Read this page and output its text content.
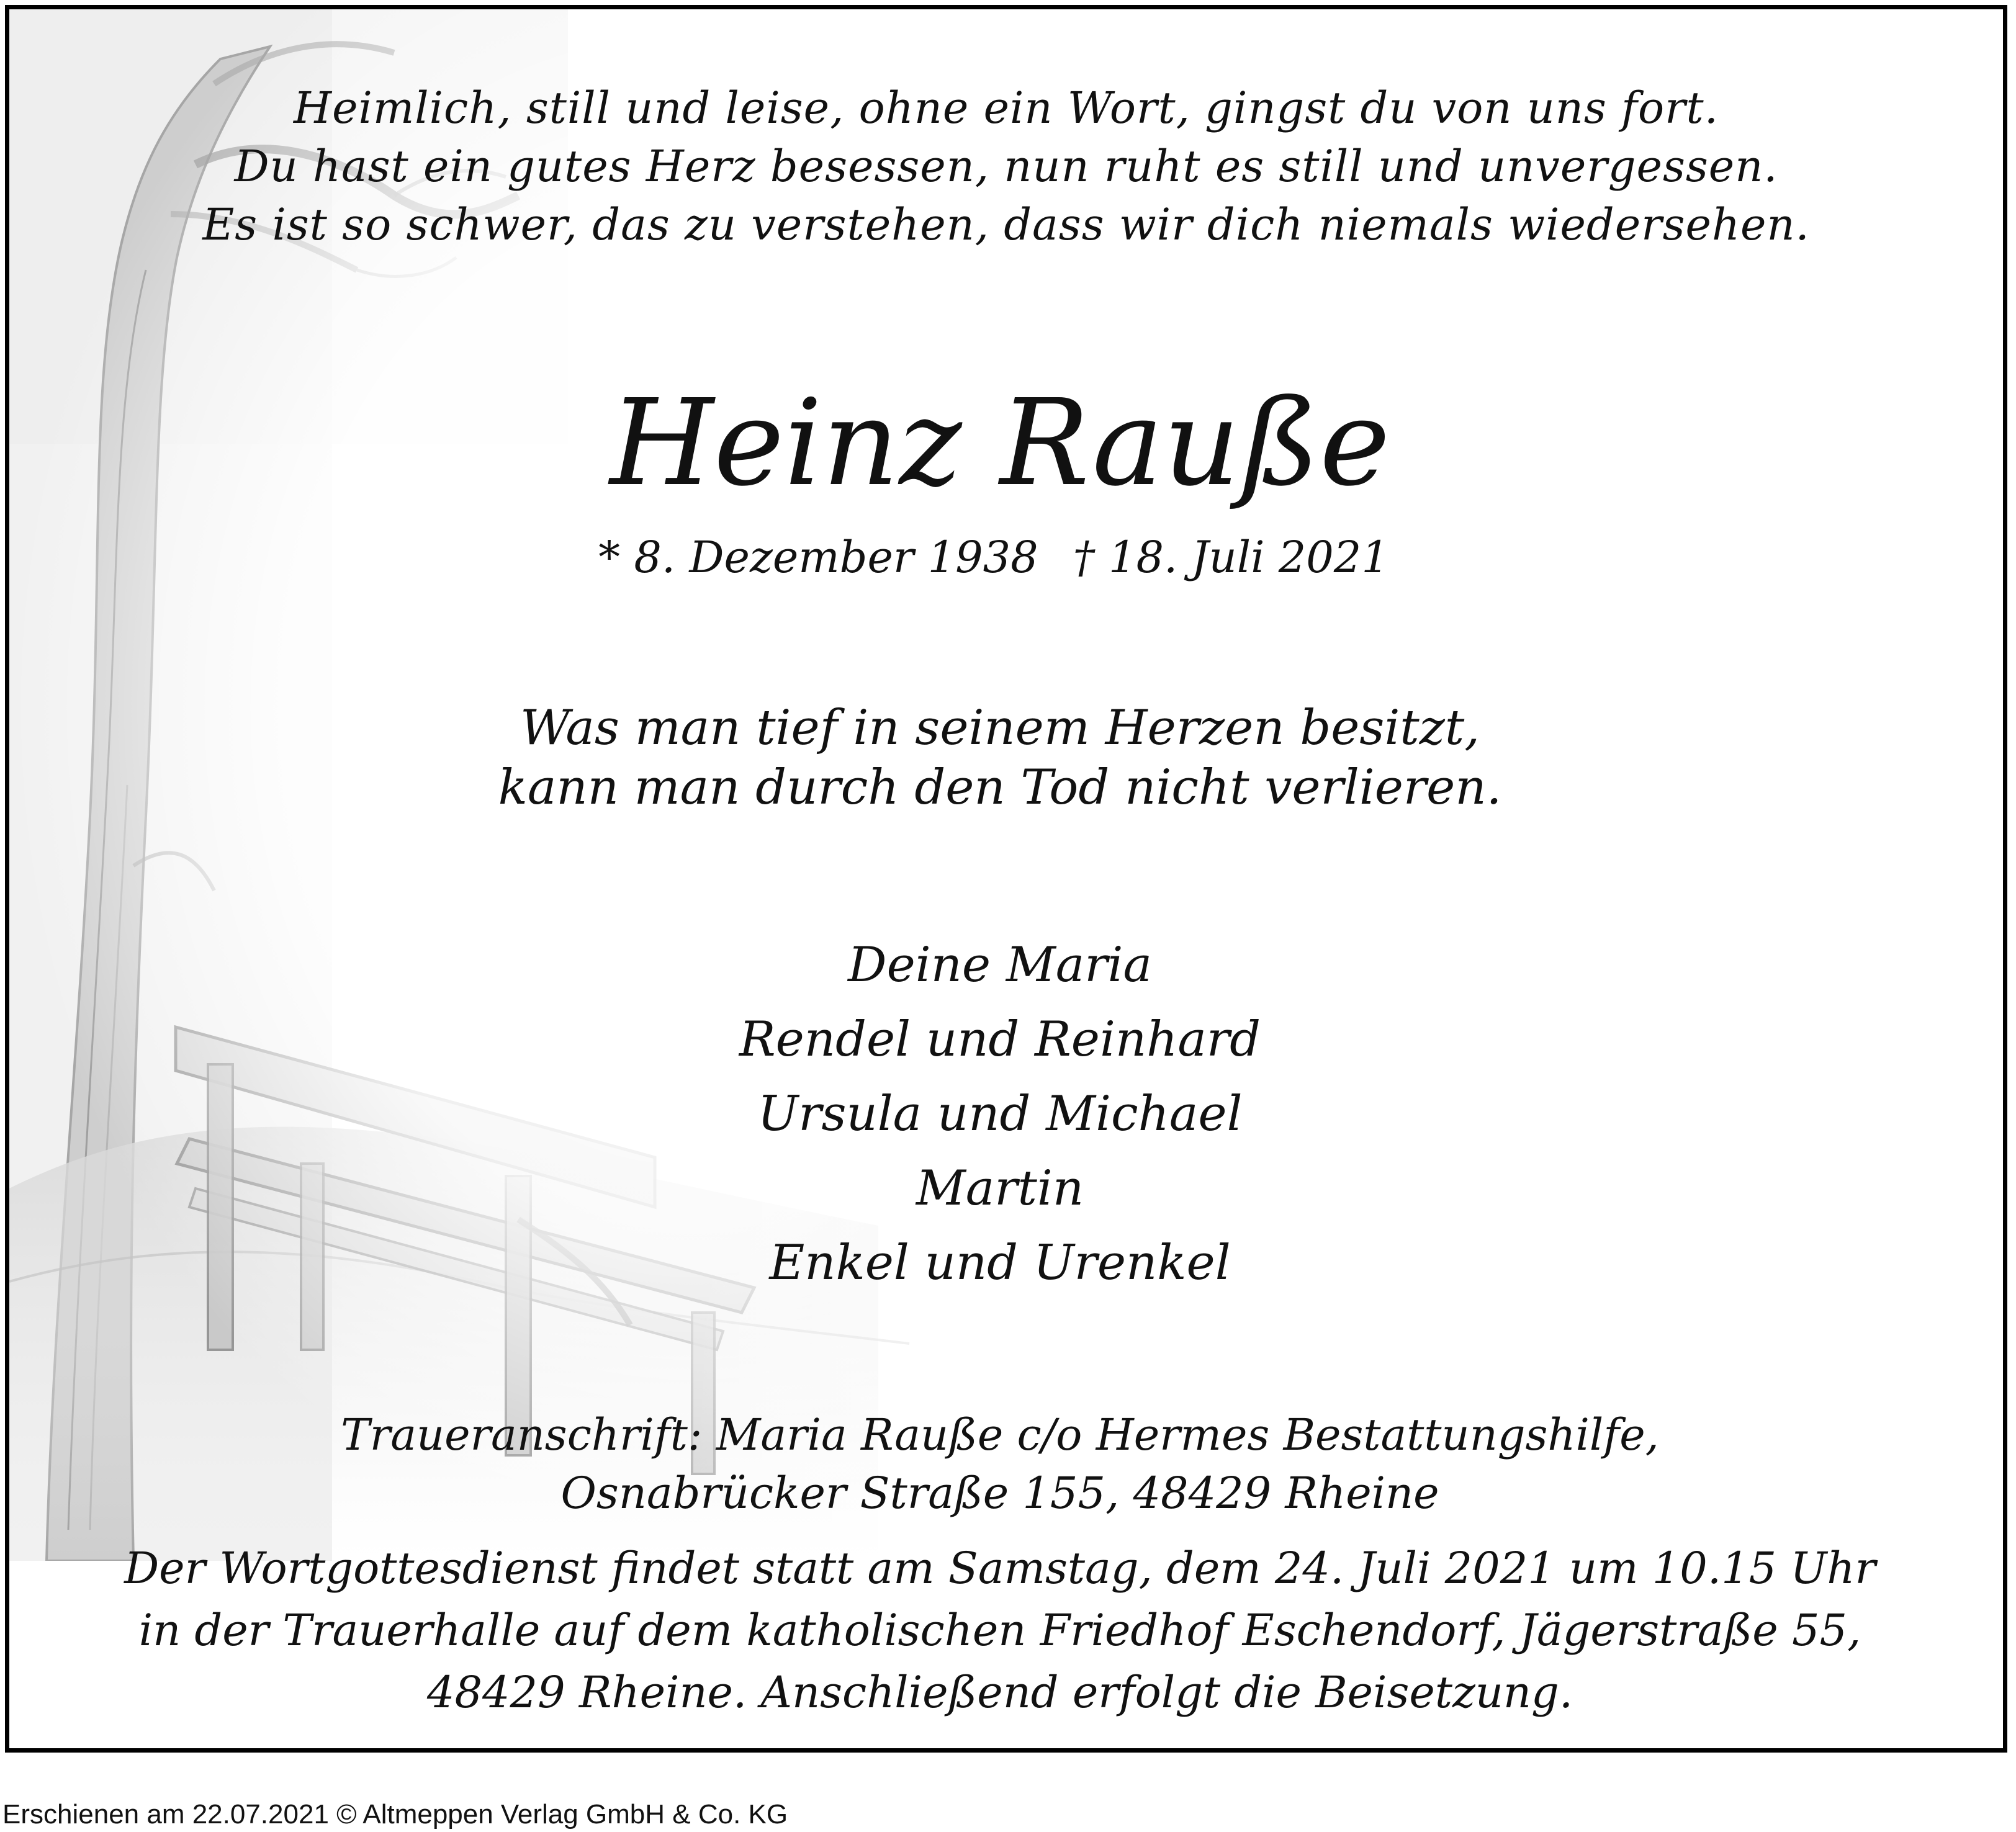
Heimlich, still und leise, ohne ein Wort, gingst du von uns fort.
Du hast ein gutes Herz besessen, nun ruht es still und unvergessen.
Es ist so schwer, das zu verstehen, dass wir dich niemals wiedersehen.
Heinz Rauße
* 8. Dezember 1938 † 18. Juli 2021
Was man tief in seinem Herzen besitzt,
kann man durch den Tod nicht verlieren.
Deine Maria
Rendel und Reinhard
Ursula und Michael
Martin
Enkel und Urenkel
Traueranschrift: Maria Rauße c/o Hermes Bestattungshilfe,
Osnabrücker Straße 155, 48429 Rheine
Der Wortgottesdienst findet statt am Samstag, dem 24. Juli 2021 um 10.15 Uhr
in der Trauerhalle auf dem katholischen Friedhof Eschendorf, Jägerstraße 55,
48429 Rheine. Anschließend erfolgt die Beisetzung.
Erschienen am 22.07.2021 © Altmeppen Verlag GmbH & Co. KG
